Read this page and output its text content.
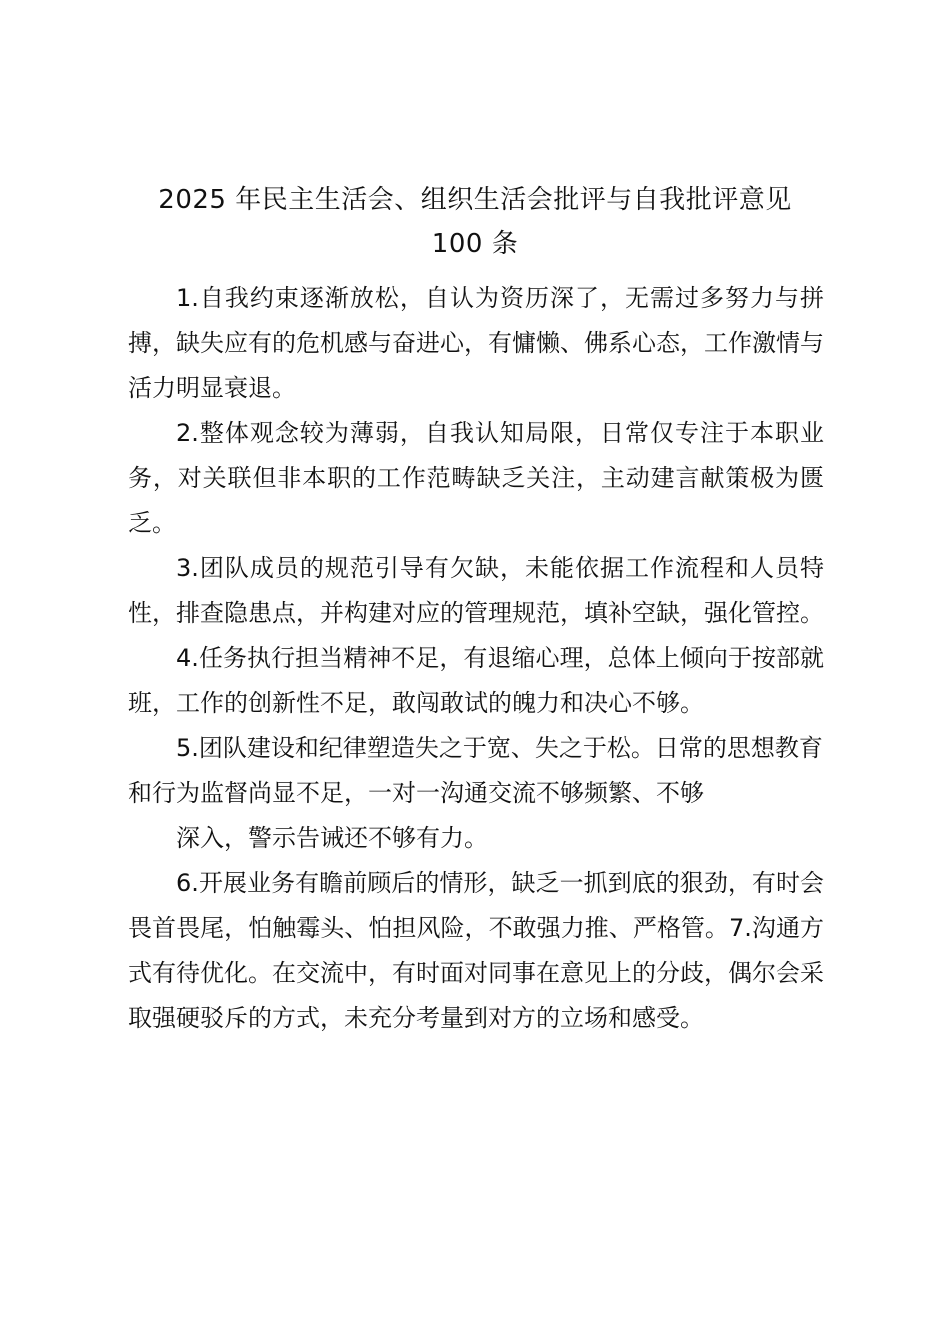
2025 年民主生活会、组织生活会批评与自我批评意见
100 条

1.自我约束逐渐放松，自认为资历深了，无需过多努力与拼搏，缺失应有的危机感与奋进心，有慵懒、佛系心态，工作激情与活力明显衰退。

2.整体观念较为薄弱，自我认知局限，日常仅专注于本职业务，对关联但非本职的工作范畴缺乏关注，主动建言献策极为匮乏。

3.团队成员的规范引导有欠缺，未能依据工作流程和人员特性，排查隐患点，并构建对应的管理规范，填补空缺，强化管控。

4.任务执行担当精神不足，有退缩心理，总体上倾向于按部就班，工作的创新性不足，敢闯敢试的魄力和决心不够。

5.团队建设和纪律塑造失之于宽、失之于松。日常的思想教育和行为监督尚显不足，一对一沟通交流不够频繁、不够

深入，警示告诫还不够有力。

6.开展业务有瞻前顾后的情形，缺乏一抓到底的狠劲，有时会畏首畏尾，怕触霉头、怕担风险，不敢强力推、严格管。7.沟通方式有待优化。在交流中，有时面对同事在意见上的分歧，偶尔会采取强硬驳斥的方式，未充分考量到对方的立场和感受。
